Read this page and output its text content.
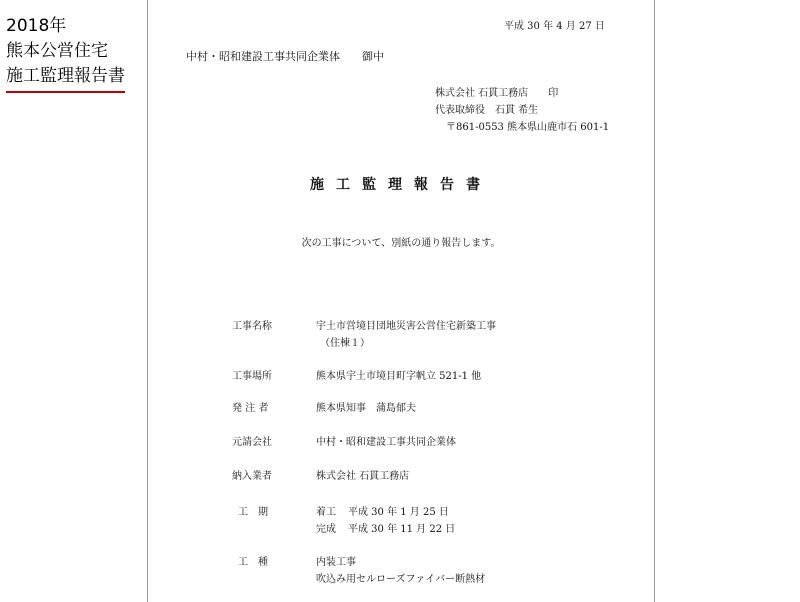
2018年
熊本公営住宅
施工監理報告書
平成 30 年 4 月 27 日
中村・昭和建設工事共同企業体　　御中
株式会社 石貫工務店 印
代表取締役　石貫 希生
〒861-0553 熊本県山鹿市石 601-1
施工監理報告書
次の工事について、別紙の通り報告します。
工事名称	宇土市営境目団地災害公営住宅新築工事
（住棟１）
工事場所	熊本県宇土市境目町字帆立 521-1 他
発 注 者	熊本県知事　蒲島郁夫
元請会社	中村・昭和建設工事共同企業体
納入業者	株式会社 石貫工務店
工　期	着工 平成 30 年 1 月 25 日
完成 平成 30 年 11 月 22 日
工　種	内装工事
吹込み用セルローズファイバー断熱材
